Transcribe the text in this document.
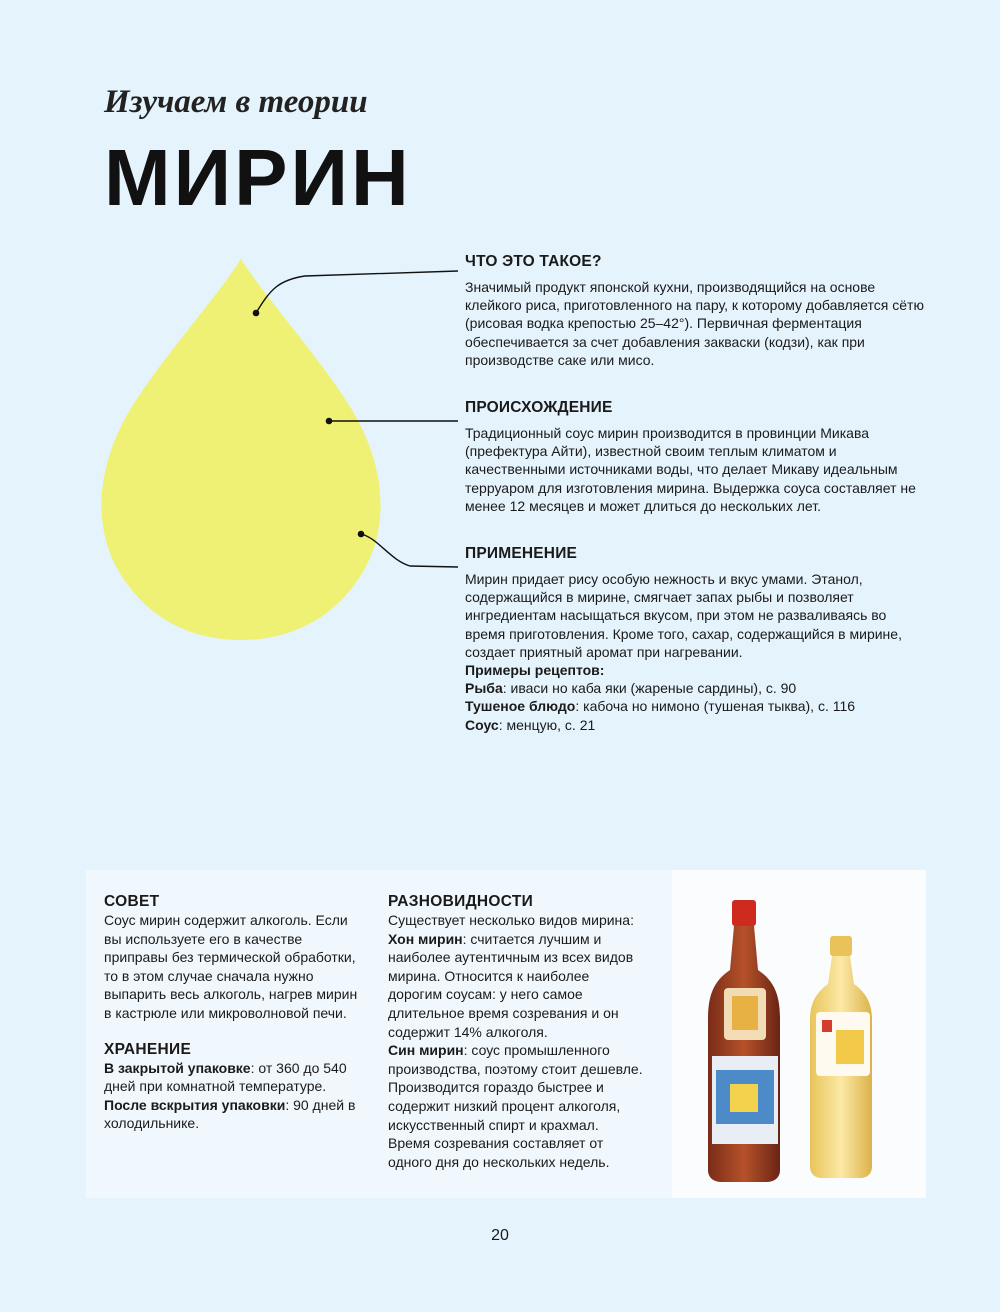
Изучаем в теории
МИРИН
ЧТО ЭТО ТАКОЕ?

Значимый продукт японской кухни, производящийся на основе клейкого риса, приготовленного на пару, к которому добавляется сётю (рисовая водка крепостью 25–42°). Первичная ферментация обеспечивается за счет добавления закваски (кодзи), как при производстве саке или мисо.

ПРОИСХОЖДЕНИЕ

Традиционный соус мирин производится в провинции Микава (префектура Айти), известной своим теплым климатом и качественными источниками воды, что делает Микаву идеальным терруаром для изготовления мирина. Выдержка соуса составляет не менее 12 месяцев и может длиться до нескольких лет.

ПРИМЕНЕНИЕ

Мирин придает рису особую нежность и вкус умами. Этанол, содержащийся в мирине, смягчает запах рыбы и позволяет ингредиентам насыщаться вкусом, при этом не разваливаясь во время приготовления. Кроме того, сахар, содержащийся в мирине, создает приятный аромат при нагревании.

Примеры рецептов:
Рыба: иваси но каба яки (жареные сардины), с. 90
Тушеное блюдо: кабоча но нимоно (тушеная тыква), с. 116
Соус: менцую, с. 21
СОВЕТ

Соус мирин содержит алкоголь. Если вы используете его в качестве приправы без термической обработки, то в этом случае сначала нужно выпарить весь алкоголь, нагрев мирин в кастрюле или микроволновой печи.

ХРАНЕНИЕ

В закрытой упаковке: от 360 до 540 дней при комнатной температуре.

После вскрытия упаковки: 90 дней в холодильнике.

РАЗНОВИДНОСТИ

Существует несколько видов мирина:

Хон мирин: считается лучшим и наиболее аутентичным из всех видов мирина. Относится к наиболее дорогим соусам: у него самое длительное время созревания и он содержит 14% алкоголя.

Син мирин: соус промышленного производства, поэтому стоит дешевле. Производится гораздо быстрее и содержит низкий процент алкоголя, искусственный спирт и крахмал. Время созревания составляет от одного дня до нескольких недель.

20
